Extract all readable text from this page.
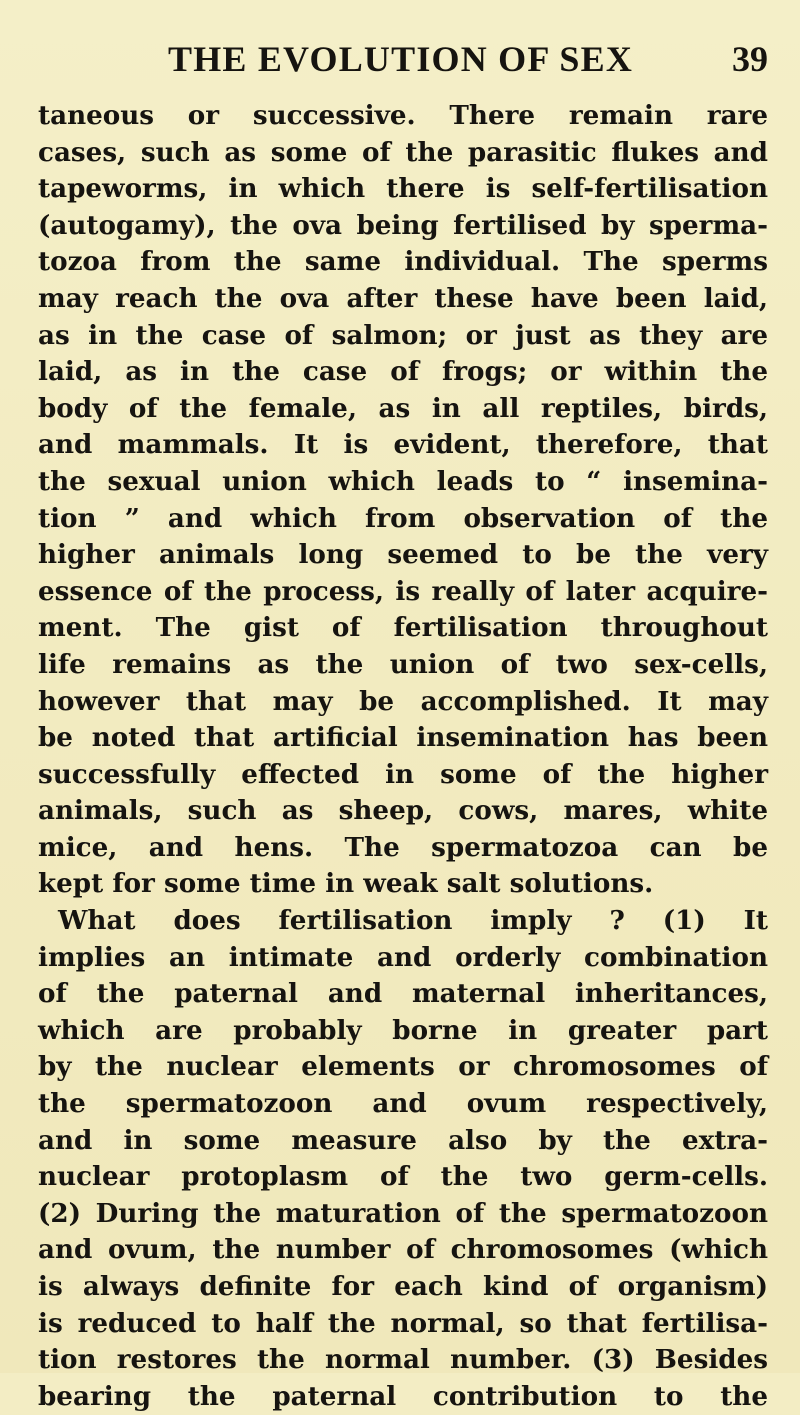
THE EVOLUTION OF SEX	39
taneous or successive. There remain rare
cases, such as some of the parasitic flukes and
tapeworms, in which there is self-fertilisation
(autogamy), the ova being fertilised by sperma-
tozoa from the same individual. The sperms
may reach the ova after these have been laid,
as in the case of salmon; or just as they are
laid, as in the case of frogs; or within the
body of the female, as in all reptiles, birds,
and mammals. It is evident, therefore, that
the sexual union which leads to “ insemina-
tion ” and which from observation of the
higher animals long seemed to be the very
essence of the process, is really of later acquire-
ment. The gist of fertilisation throughout
life remains as the union of two sex-cells,
however that may be accomplished. It may
be noted that artificial insemination has been
successfully effected in some of the higher
animals, such as sheep, cows, mares, white
mice, and hens. The spermatozoa can be
kept for some time in weak salt solutions.
What does fertilisation imply ? (1) It
implies an intimate and orderly combination
of the paternal and maternal inheritances,
which are probably borne in greater part
by the nuclear elements or chromosomes of
the spermatozoon and ovum respectively,
and in some measure also by the extra-
nuclear protoplasm of the two germ-cells.
(2) During the maturation of the spermatozoon
and ovum, the number of chromosomes (which
is always definite for each kind of organism)
is reduced to half the normal, so that fertilisa-
tion restores the normal number. (3) Besides
bearing the paternal contribution to the
